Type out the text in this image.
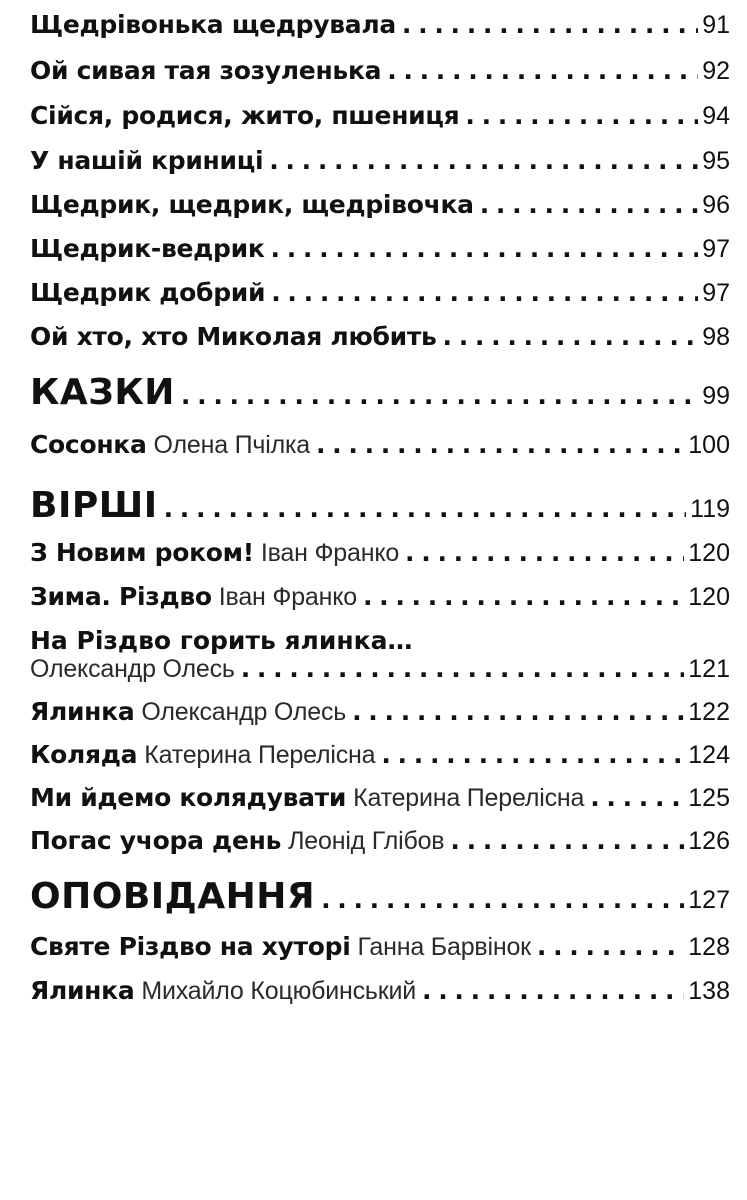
Щедрівонька щедрувала . . .	91
Ой сивая тая зозуленька . . .	92
Сійся, родися, жито, пшениця . . .	94
У нашій криниці . . .	95
Щедрик, щедрик, щедрівочка . . .	96
Щедрик-ведрик . . .	97
Щедрик добрий . . .	97
Ой хто, хто Миколая любить . . .	98
КАЗКИ . . .	99
Сосонка Олена Пчілка . . .	100
ВІРШІ . . .	119
З Новим роком! Іван Франко . . .	120
Зима. Різдво Іван Франко . . .	120
На Різдво горить ялинка…
Олександр Олесь . . .	121
Ялинка Олександр Олесь . . .	122
Коляда Катерина Перелісна . . .	124
Ми йдемо колядувати Катерина Перелісна . . .	125
Погас учора день Леонід Глібов . . .	126
ОПОВІДАННЯ . . .	127
Святе Різдво на хуторі Ганна Барвінок . . .	128
Ялинка Михайло Коцюбинський . . .	138
